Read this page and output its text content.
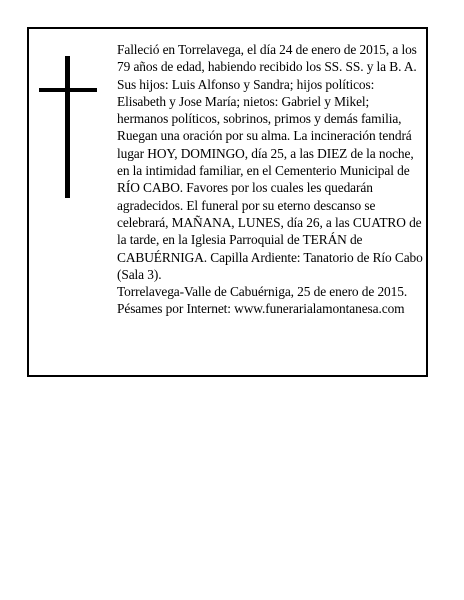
Falleció en Torrelavega, el día 24 de enero de 2015, a los 79 años de edad, habiendo recibido los SS. SS. y la B. A.

Sus hijos: Luis Alfonso y Sandra; hijos políticos: Elisabeth y Jose María; nietos: Gabriel y Mikel; hermanos políticos, sobrinos, primos y demás familia, Ruegan una oración por su alma. La incineración tendrá lugar HOY, DOMINGO, día 25, a las DIEZ de la noche, en la intimidad familiar, en el Cementerio Municipal de RÍO CABO. Favores por los cuales les quedarán agradecidos. El funeral por su eterno descanso se celebrará, MAÑANA, LUNES, día 26, a las CUATRO de la tarde, en la Iglesia Parroquial de TERÁN de CABUÉRNIGA. Capilla Ardiente: Tanatorio de Río Cabo (Sala 3).

Torrelavega-Valle de Cabuérniga, 25 de enero de 2015.

Pésames por Internet: www.funerarialamontanesa.com
